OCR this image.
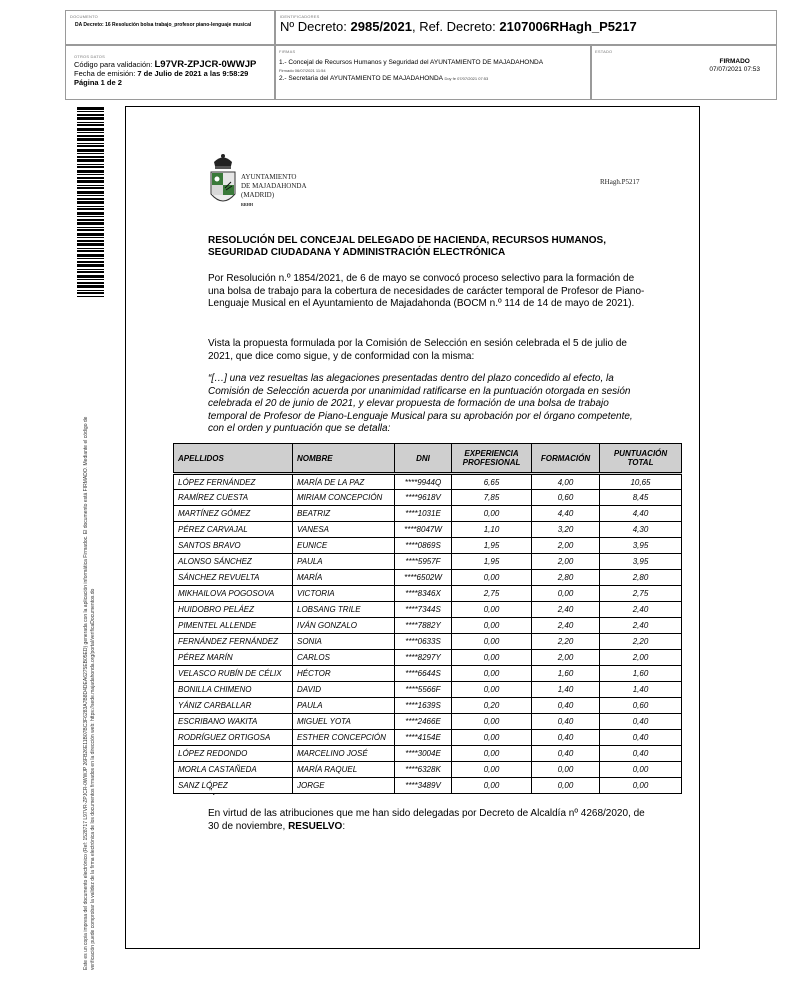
DOCUMENTO
DA Decreto: 16 Resolución bolsa trabajo_profesor piano-lenguaje musical
IDENTIFICADORES
Nº Decreto: 2985/2021, Ref. Decreto: 2107006RHagh_P5217
OTROS DATOS
Código para validación: L97VR-ZPJCR-0WWJP
Fecha de emisión: 7 de Julio de 2021 a las 9:58:29
Página 1 de 2
FIRMAS
1.- Concejal de Recursos Humanos y Seguridad del AYUNTAMIENTO DE MAJADAHONDA
Firmado 06/07/2021 11:54
2.- Secretaria del AYUNTAMIENTO DE MAJADAHONDA Doy fe 07/07/2021 07:53
ESTADO
FIRMADO
07/07/2021 07:53
Este es un copia impresa del documento electrónico (Ref: 1528717 L97VR-ZPJCR-0WWJP 26FB26E11B07BC3F6283A7B8D4DEA6275EB05ED) generada con la aplicación informática Firmadoc. El documento está FIRMADO. Mediante el código de verificación puede comprobar la validez de la firma electrónica de los documentos firmados en la dirección web: https://sede.majadahonda.org/portal/verificaDocumentos.do
AYUNTAMIENTO
DE MAJADAHONDA
(MADRID)
RRHH
RHagh.P5217
RESOLUCIÓN DEL CONCEJAL DELEGADO DE HACIENDA, RECURSOS HUMANOS, SEGURIDAD CIUDADANA Y ADMINISTRACIÓN ELECTRÓNICA
Por Resolución n.º 1854/2021, de 6 de mayo se convocó proceso selectivo para la formación de una bolsa de trabajo para la cobertura de necesidades de carácter temporal de Profesor de Piano-Lenguaje Musical en el Ayuntamiento de Majadahonda (BOCM n.º 114 de 14 de mayo de 2021).
Vista la propuesta formulada por la Comisión de Selección en sesión celebrada el 5 de julio de 2021, que dice como sigue, y de conformidad con la misma:
“[…] una vez resueltas las alegaciones presentadas dentro del plazo concedido al efecto, la Comisión de Selección acuerda por unanimidad ratificarse en la puntuación otorgada en sesión celebrada el 20 de junio de 2021, y elevar propuesta de formación de una bolsa de trabajo temporal de Profesor de Piano-Lenguaje Musical para su aprobación por el órgano competente, con el orden y puntuación que se detalla:
APELLIDOS	NOMBRE	DNI	EXPERIENCIA PROFESIONAL	FORMACIÓN	PUNTUACIÓN TOTAL
LÓPEZ FERNÁNDEZ	MARÍA DE LA PAZ	****9944Q	6,65	4,00	10,65
RAMÍREZ CUESTA	MIRIAM CONCEPCIÓN	****9618V	7,85	0,60	8,45
MARTÍNEZ GÓMEZ	BEATRIZ	****1031E	0,00	4,40	4,40
PÉREZ CARVAJAL	VANESA	****8047W	1,10	3,20	4,30
SANTOS BRAVO	EUNICE	****0869S	1,95	2,00	3,95
ALONSO SÁNCHEZ	PAULA	****5957F	1,95	2,00	3,95
SÁNCHEZ REVUELTA	MARÍA	****6502W	0,00	2,80	2,80
MIKHAILOVA POGOSOVA	VICTORIA	****8346X	2,75	0,00	2,75
HUIDOBRO PELÁEZ	LOBSANG TRILE	****7344S	0,00	2,40	2,40
PIMENTEL ALLENDE	IVÁN GONZALO	****7882Y	0,00	2,40	2,40
FERNÁNDEZ FERNÁNDEZ	SONIA	****0633S	0,00	2,20	2,20
PÉREZ MARÍN	CARLOS	****8297Y	0,00	2,00	2,00
VELASCO RUBÍN DE CÉLIX	HÉCTOR	****6644S	0,00	1,60	1,60
BONILLA CHIMENO	DAVID	****5566F	0,00	1,40	1,40
YÁNIZ CARBALLAR	PAULA	****1639S	0,20	0,40	0,60
ESCRIBANO WAKITA	MIGUEL YOTA	****2466E	0,00	0,40	0,40
RODRÍGUEZ ORTIGOSA	ESTHER CONCEPCIÓN	****4154E	0,00	0,40	0,40
LÓPEZ REDONDO	MARCELINO JOSÉ	****3004E	0,00	0,40	0,40
MORLA CASTAÑEDA	MARÍA RAQUEL	****6328K	0,00	0,00	0,00
SANZ LÓPEZ	JORGE	****3489V	0,00	0,00	0,00
”.
En virtud de las atribuciones que me han sido delegadas por Decreto de Alcaldía nº 4268/2020, de 30 de noviembre, RESUELVO:
